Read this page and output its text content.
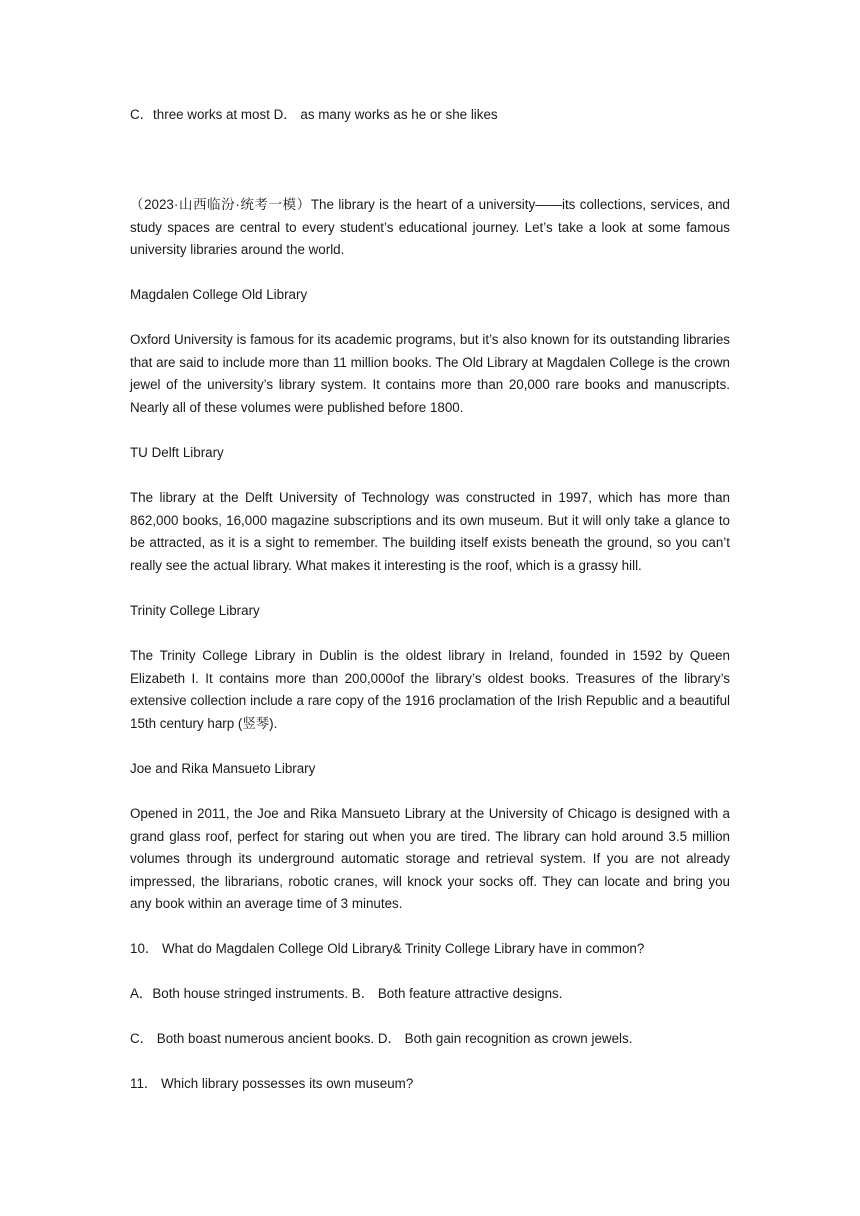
C．three works at most D． as many works as he or she likes

（2023·山西临汾·统考一模）The library is the heart of a university——its collections, services, and study spaces are central to every student’s educational journey. Let’s take a look at some famous university libraries around the world.

Magdalen College Old Library

Oxford University is famous for its academic programs, but it’s also known for its outstanding libraries that are said to include more than 11 million books. The Old Library at Magdalen College is the crown jewel of the university’s library system. It contains more than 20,000 rare books and manuscripts. Nearly all of these volumes were published before 1800.

TU Delft Library

The library at the Delft University of Technology was constructed in 1997, which has more than 862,000 books, 16,000 magazine subscriptions and its own museum. But it will only take a glance to be attracted, as it is a sight to remember. The building itself exists beneath the ground, so you can’t really see the actual library. What makes it interesting is the roof, which is a grassy hill.

Trinity College Library

The Trinity College Library in Dublin is the oldest library in Ireland, founded in 1592 by Queen Elizabeth I. It contains more than 200,000of the library’s oldest books. Treasures of the library’s extensive collection include a rare copy of the 1916 proclamation of the Irish Republic and a beautiful 15th century harp (竖琴).

Joe and Rika Mansueto Library

Opened in 2011, the Joe and Rika Mansueto Library at the University of Chicago is designed with a grand glass roof, perfect for staring out when you are tired. The library can hold around 3.5 million volumes through its underground automatic storage and retrieval system. If you are not already impressed, the librarians, robotic cranes, will knock your socks off. They can locate and bring you any book within an average time of 3 minutes.

10． What do Magdalen College Old Library& Trinity College Library have in common?

A．Both house stringed instruments. B． Both feature attractive designs.

C． Both boast numerous ancient books. D． Both gain recognition as crown jewels.

11． Which library possesses its own museum?
